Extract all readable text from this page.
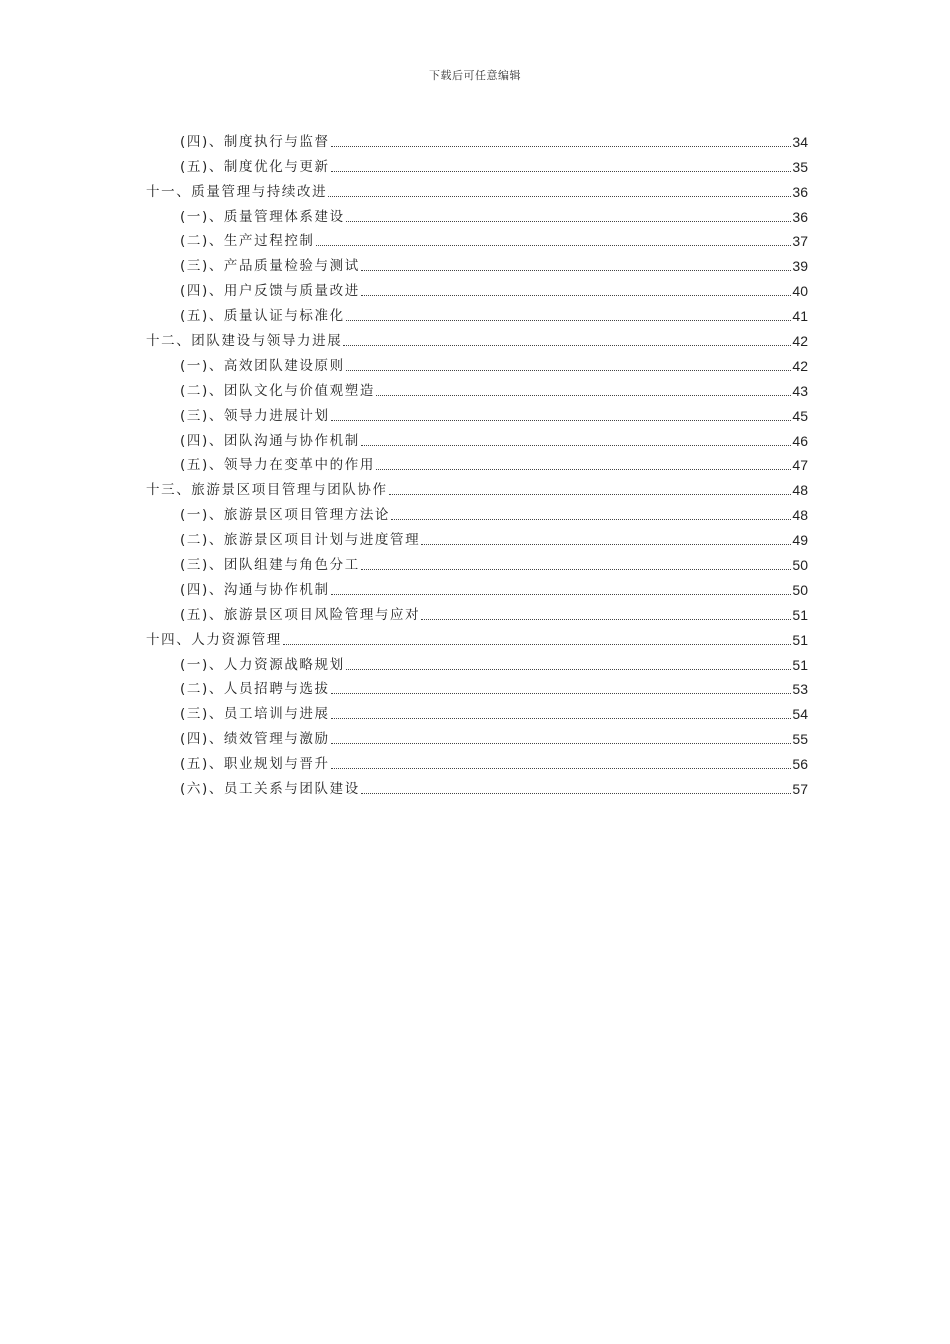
下载后可任意编辑
(四)、制度执行与监督	34
(五)、制度优化与更新	35
十一、质量管理与持续改进	36
(一)、质量管理体系建设	36
(二)、生产过程控制	37
(三)、产品质量检验与测试	39
(四)、用户反馈与质量改进	40
(五)、质量认证与标准化	41
十二、团队建设与领导力进展	42
(一)、高效团队建设原则	42
(二)、团队文化与价值观塑造	43
(三)、领导力进展计划	45
(四)、团队沟通与协作机制	46
(五)、领导力在变革中的作用	47
十三、旅游景区项目管理与团队协作	48
(一)、旅游景区项目管理方法论	48
(二)、旅游景区项目计划与进度管理	49
(三)、团队组建与角色分工	50
(四)、沟通与协作机制	50
(五)、旅游景区项目风险管理与应对	51
十四、人力资源管理	51
(一)、人力资源战略规划	51
(二)、人员招聘与选拔	53
(三)、员工培训与进展	54
(四)、绩效管理与激励	55
(五)、职业规划与晋升	56
(六)、员工关系与团队建设	57
